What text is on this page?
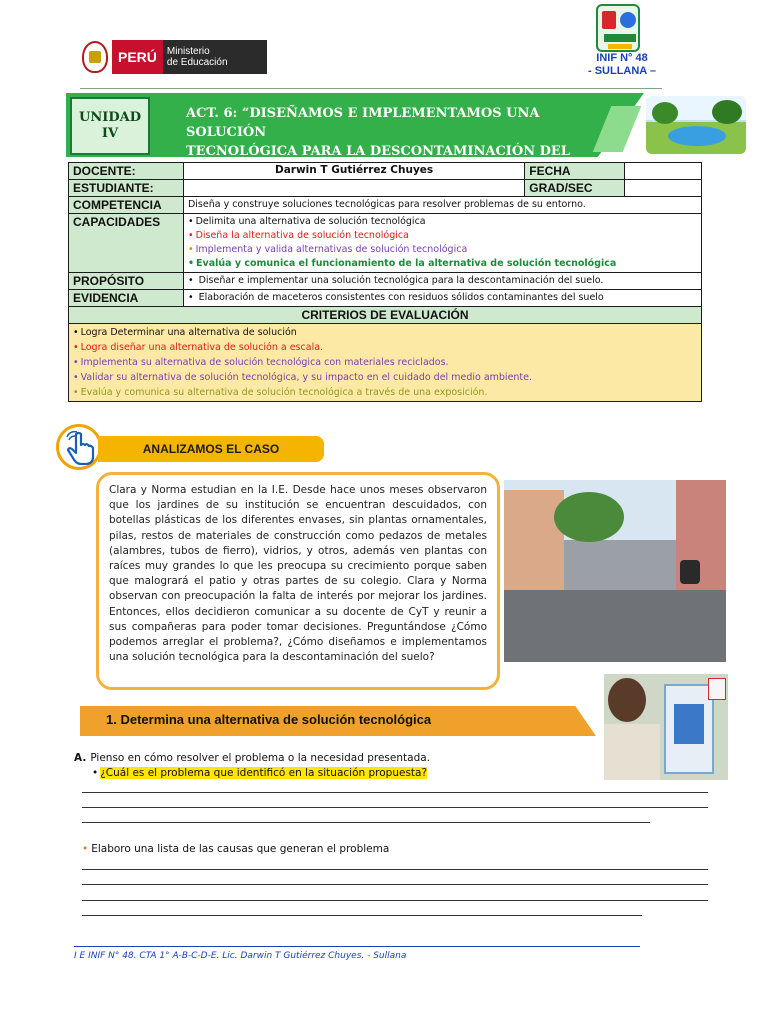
PERÚ	Ministerio
de Educación	INIF N° 48
- SULLANA –
UNIDAD
IV
ACT. 6: “DISEÑAMOS E IMPLEMENTAMOS UNA SOLUCIÓN
TECNOLÓGICA PARA LA DESCONTAMINACIÓN DEL SUELO”
DOCENTE:	Darwin T Gutiérrez Chuyes	FECHA	
ESTUDIANTE:		GRAD/SEC	
COMPETENCIA	Diseña y construye soluciones tecnológicas para resolver problemas de su entorno.		
CAPACIDADES	• Delimita una alternativa de solución tecnológica
• Diseña la alternativa de solución tecnológica
• Implementa y valida alternativas de solución tecnológica
• Evalúa y comunica el funcionamiento de la alternativa de solución tecnológica		

PROPÓSITO	• Diseñar e implementar una solución tecnológica para la descontaminación del suelo.		
EVIDENCIA	• Elaboración de maceteros consistentes con residuos sólidos contaminantes del suelo		
CRITERIOS DE EVALUACIÓN			

• Logra Determinar una alternativa de solución
• Logra diseñar una alternativa de solución a escala.
• Implementa su alternativa de solución tecnológica con materiales reciclados.
• Validar su alternativa de solución tecnológica, y su impacto en el cuidado del medio ambiente.
• Evalúa y comunica su alternativa de solución tecnológica a través de una exposición.			
ANALIZAMOS EL CASO

Clara y Norma estudian en la I.E. Desde hace unos meses observaron que los jardines de su institución se encuentran descuidados, con botellas plásticas de los diferentes envases, sin plantas ornamentales, pilas, restos de materiales de construcción como pedazos de metales (alambres, tubos de fierro), vidrios, y otros, además ven plantas con raíces muy grandes lo que les preocupa su crecimiento porque saben que malogrará el patio y otras partes de su colegio. Clara y Norma observan con preocupación la falta de interés por mejorar los jardines. Entonces, ellos decidieron comunicar a su docente de CyT y reunir a sus compañeras para poder tomar decisiones. Preguntándose ¿Cómo podemos arreglar el problema?, ¿Cómo diseñamos e implementamos una solución tecnológica para la descontaminación del suelo?

1. Determina una alternativa de solución tecnológica
A. Pienso en cómo resolver el problema o la necesidad presentada.
• ¿Cuál es el problema que identificó en la situación propuesta?
• Elaboro una lista de las causas que generan el problema
I E INIF N° 48. CTA 1° A-B-C-D-E. Lic. Darwin T Gutiérrez Chuyes. - Sullana
